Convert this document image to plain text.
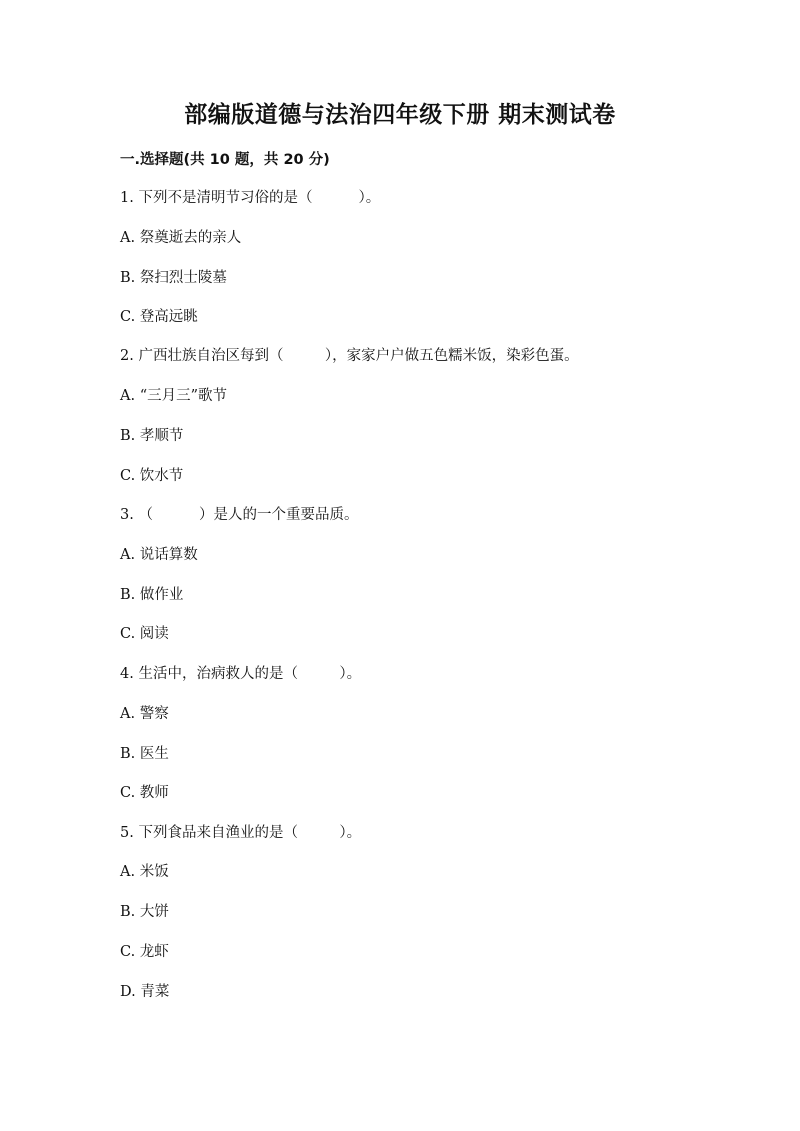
部编版道德与法治四年级下册 期末测试卷
一.选择题(共 10 题，共 20 分)
1. 下列不是清明节习俗的是（          ）。
A. 祭奠逝去的亲人
B. 祭扫烈士陵墓
C. 登高远眺
2. 广西壮族自治区每到（         ），家家户户做五色糯米饭，染彩色蛋。
A. “三月三”歌节
B. 孝顺节
C. 饮水节
3. （          ）是人的一个重要品质。
A. 说话算数
B. 做作业
C. 阅读
4. 生活中，治病救人的是（         ）。
A. 警察
B. 医生
C. 教师
5. 下列食品来自渔业的是（         ）。
A. 米饭
B. 大饼
C. 龙虾
D. 青菜
